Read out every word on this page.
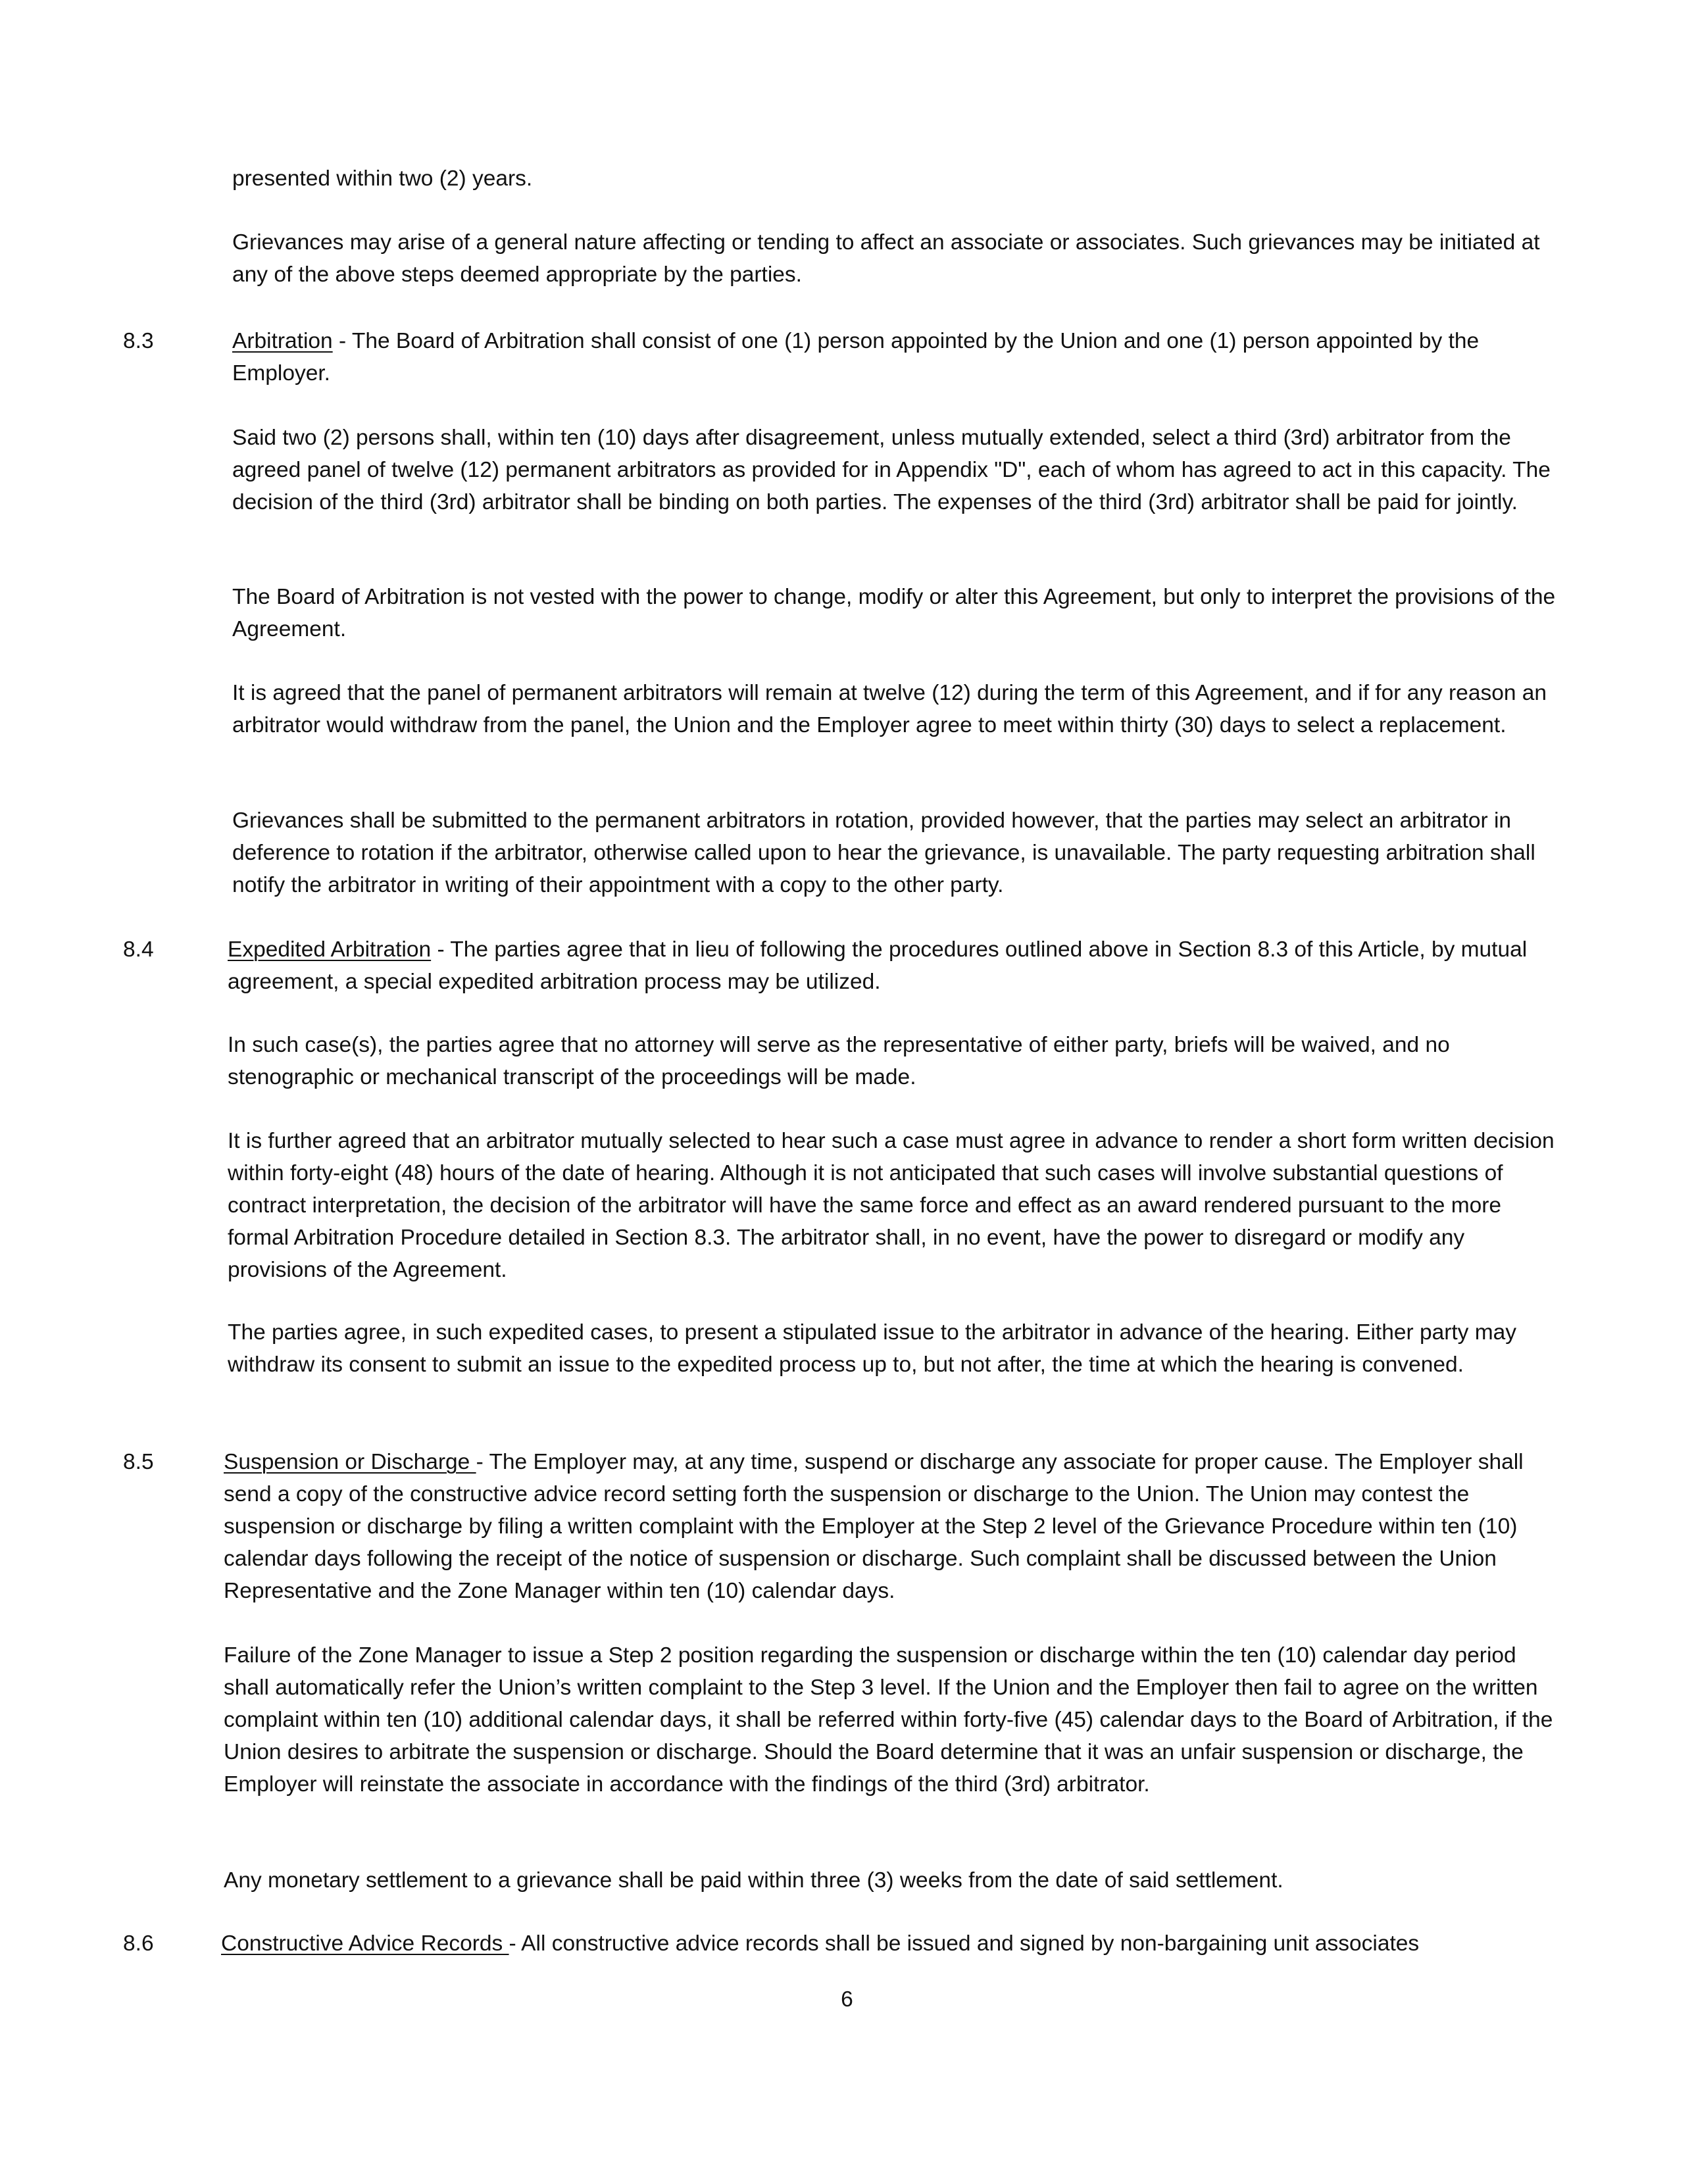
presented within two (2) years.

Grievances may arise of a general nature affecting or tending to affect an associate or associates. Such grievances may be initiated at any of the above steps deemed appropriate by the parties.

8.3	Arbitration - The Board of Arbitration shall consist of one (1) person appointed by the Union and one (1) person appointed by the Employer.

Said two (2) persons shall, within ten (10) days after disagreement, unless mutually extended, select a third (3rd) arbitrator from the agreed panel of twelve (12) permanent arbitrators as provided for in Appendix "D", each of whom has agreed to act in this capacity. The decision of the third (3rd) arbitrator shall be binding on both parties. The expenses of the third (3rd) arbitrator shall be paid for jointly.

The Board of Arbitration is not vested with the power to change, modify or alter this Agreement, but only to interpret the provisions of the Agreement.

It is agreed that the panel of permanent arbitrators will remain at twelve (12) during the term of this Agreement, and if for any reason an arbitrator would withdraw from the panel, the Union and the Employer agree to meet within thirty (30) days to select a replacement.

Grievances shall be submitted to the permanent arbitrators in rotation, provided however, that the parties may select an arbitrator in deference to rotation if the arbitrator, otherwise called upon to hear the grievance, is unavailable. The party requesting arbitration shall notify the arbitrator in writing of their appointment with a copy to the other party.

8.4	Expedited Arbitration - The parties agree that in lieu of following the procedures outlined above in Section 8.3 of this Article, by mutual agreement, a special expedited arbitration process may be utilized.

In such case(s), the parties agree that no attorney will serve as the representative of either party, briefs will be waived, and no stenographic or mechanical transcript of the proceedings will be made.

It is further agreed that an arbitrator mutually selected to hear such a case must agree in advance to render a short form written decision within forty-eight (48) hours of the date of hearing. Although it is not anticipated that such cases will involve substantial questions of contract interpretation, the decision of the arbitrator will have the same force and effect as an award rendered pursuant to the more formal Arbitration Procedure detailed in Section 8.3. The arbitrator shall, in no event, have the power to disregard or modify any provisions of the Agreement.

The parties agree, in such expedited cases, to present a stipulated issue to the arbitrator in advance of the hearing. Either party may withdraw its consent to submit an issue to the expedited process up to, but not after, the time at which the hearing is convened.

8.5	Suspension or Discharge - The Employer may, at any time, suspend or discharge any associate for proper cause. The Employer shall send a copy of the constructive advice record setting forth the suspension or discharge to the Union. The Union may contest the suspension or discharge by filing a written complaint with the Employer at the Step 2 level of the Grievance Procedure within ten (10) calendar days following the receipt of the notice of suspension or discharge. Such complaint shall be discussed between the Union Representative and the Zone Manager within ten (10) calendar days.

Failure of the Zone Manager to issue a Step 2 position regarding the suspension or discharge within the ten (10) calendar day period shall automatically refer the Union’s written complaint to the Step 3 level. If the Union and the Employer then fail to agree on the written complaint within ten (10) additional calendar days, it shall be referred within forty-five (45) calendar days to the Board of Arbitration, if the Union desires to arbitrate the suspension or discharge. Should the Board determine that it was an unfair suspension or discharge, the Employer will reinstate the associate in accordance with the findings of the third (3rd) arbitrator.

Any monetary settlement to a grievance shall be paid within three (3) weeks from the date of said settlement.

8.6	Constructive Advice Records - All constructive advice records shall be issued and signed by non-bargaining unit associates

6
